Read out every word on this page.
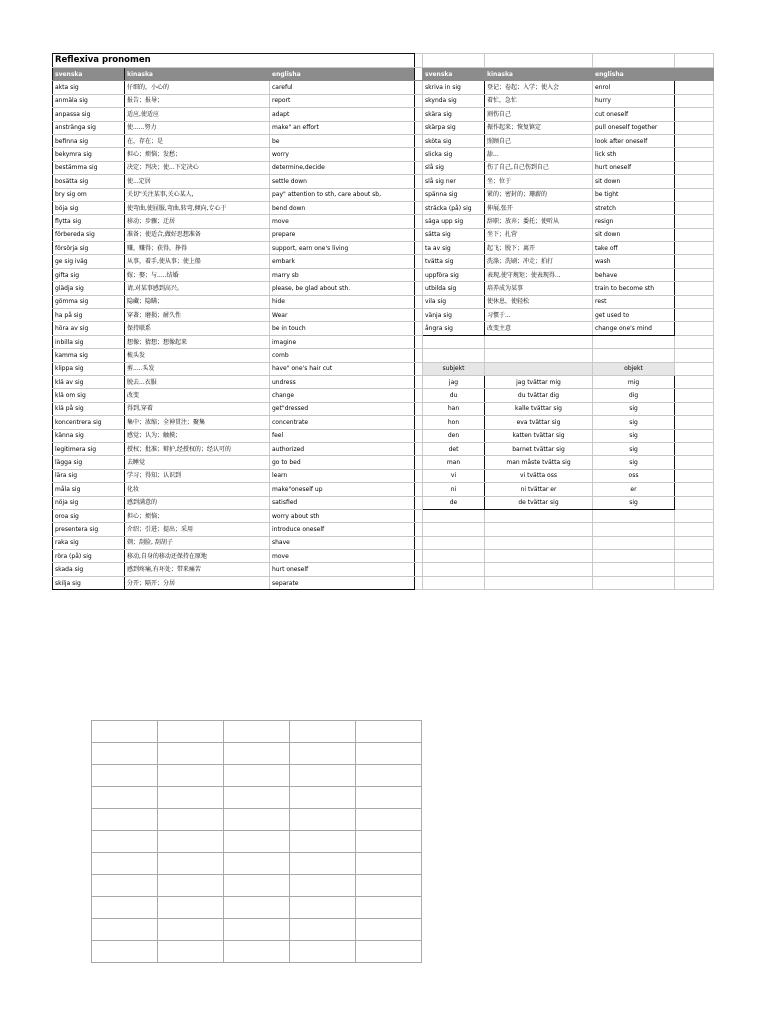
Reflexiva pronomen							
svenska	kinaska	englisha		svenska	kinaska	englisha	
akta sig	仔细的，小心的	careful		skriva in sig	登记；卷起；入学；使入会	enrol	
anmäla sig	报告；报导；	report		skynda sig	着忙，急忙	hurry	
anpassa sig	适应,使适应	adapt		skära sig	割伤自己	cut oneself	
anstränga sig	使......努力	make" an effort		skärpa sig	振作起来；恢复镇定	pull oneself together	
befinna sig	在，存在；是	be		sköta sig	照顾自己	look after oneself	
bekymra sig	担心；烦恼；发愁；	worry		slicka sig	舔...	lick sth	
bestämma sig	决定；判决；使...下定决心	determine,decide		slå sig	伤了自己,自己伤到自己	hurt oneself	
bosätta sig	使...定居	settle down		slå sig ner	坐；位于	sit down	
bry sig om	关切"关注某事,关心某人,	pay" attention to sth, care about sb,		spänna sig	紧的；密封的；珊薪的	be tight	
böja sig	使弯曲,使屈服,弯曲,转弯,倾向,专心于	bend down		sträcka (på) sig	伸展,张开	stretch	
flytta sig	移动；步骤；迁居	move		säga upp sig	辞职；放弃；委托；使听从	resign	
förbereda sig	准备；使适合,做好思想准备	prepare		sätta sig	坐下；扎营	sit down	
försörja sig	赚，赚得；获得，挣得	support, earn one's living		ta av sig	起飞；脱下；离开	take off	
ge sig iväg	从事，着手,使从事；使上船	embark		tvätta sig	洗涤；洗刷；冲走；拍打	wash	
gifta sig	嫁；娶；与.....结婚	marry sb		uppföra sig	表现,使守规矩；使表现得...	behave	
glädja sig	请,对某事感到高兴。	please, be glad about sth.		utbilda sig	培养成为某事	train to become sth	
gömma sig	隐藏；隐瞒；	hide		vila sig	使休息，使轻松	rest	
ha på sig	穿著；磨损；耐久性	Wear		vänja sig	习惯于...	get used to	
höra av sig	保持联系	be in touch		ångra sig	改变主意	change one's mind	
inbilla sig	想像；猜想；想像起来	imagine					
kamma sig	梳头发	comb					
klippa sig	剪.....头发	have" one's hair cut		subjekt		objekt	
klä av sig	脱去...衣服	undress		jag	jag tvättar mig	mig	
klä om sig	改变	change		du	du tvättar dig	dig	
klä på sig	得到,穿着	get"dressed		han	kalle tvättar sig	sig	
koncentrera sig	集中；浓缩；全神贯注；聚集	concentrate		hon	eva tvättar sig	sig	
känna sig	感觉；认为；触摸；	feel		den	katten tvättar sig	sig	
legitimera sig	授权；批准；辩护,经授权的；经认可的	authorized		det	barnet tvättar sig	sig	
lägga sig	去睡觉	go to bed		man	man måste tvätta sig	sig	
lära sig	学习；得知；认识到	learn		vi	vi tvätta oss	oss	
måla sig	化妆	make"oneself up		ni	ni tvättar er	er	
nöja sig	感到满意的	satisfied		de	de tvättar sig	sig	
oroa sig	担心；烦恼；	worry about sth					
presentera sig	介绍；引进；提出；采用	introduce oneself					
raka sig	剃；刮脸, 刮胡子	shave					
röra (på) sig	移动,自身的移动还保持在原地	move					
skada sig	感到疼痛,有坏处；带来痛苦	hurt oneself					
skilja sig	分开；隔开；分居	separate					
